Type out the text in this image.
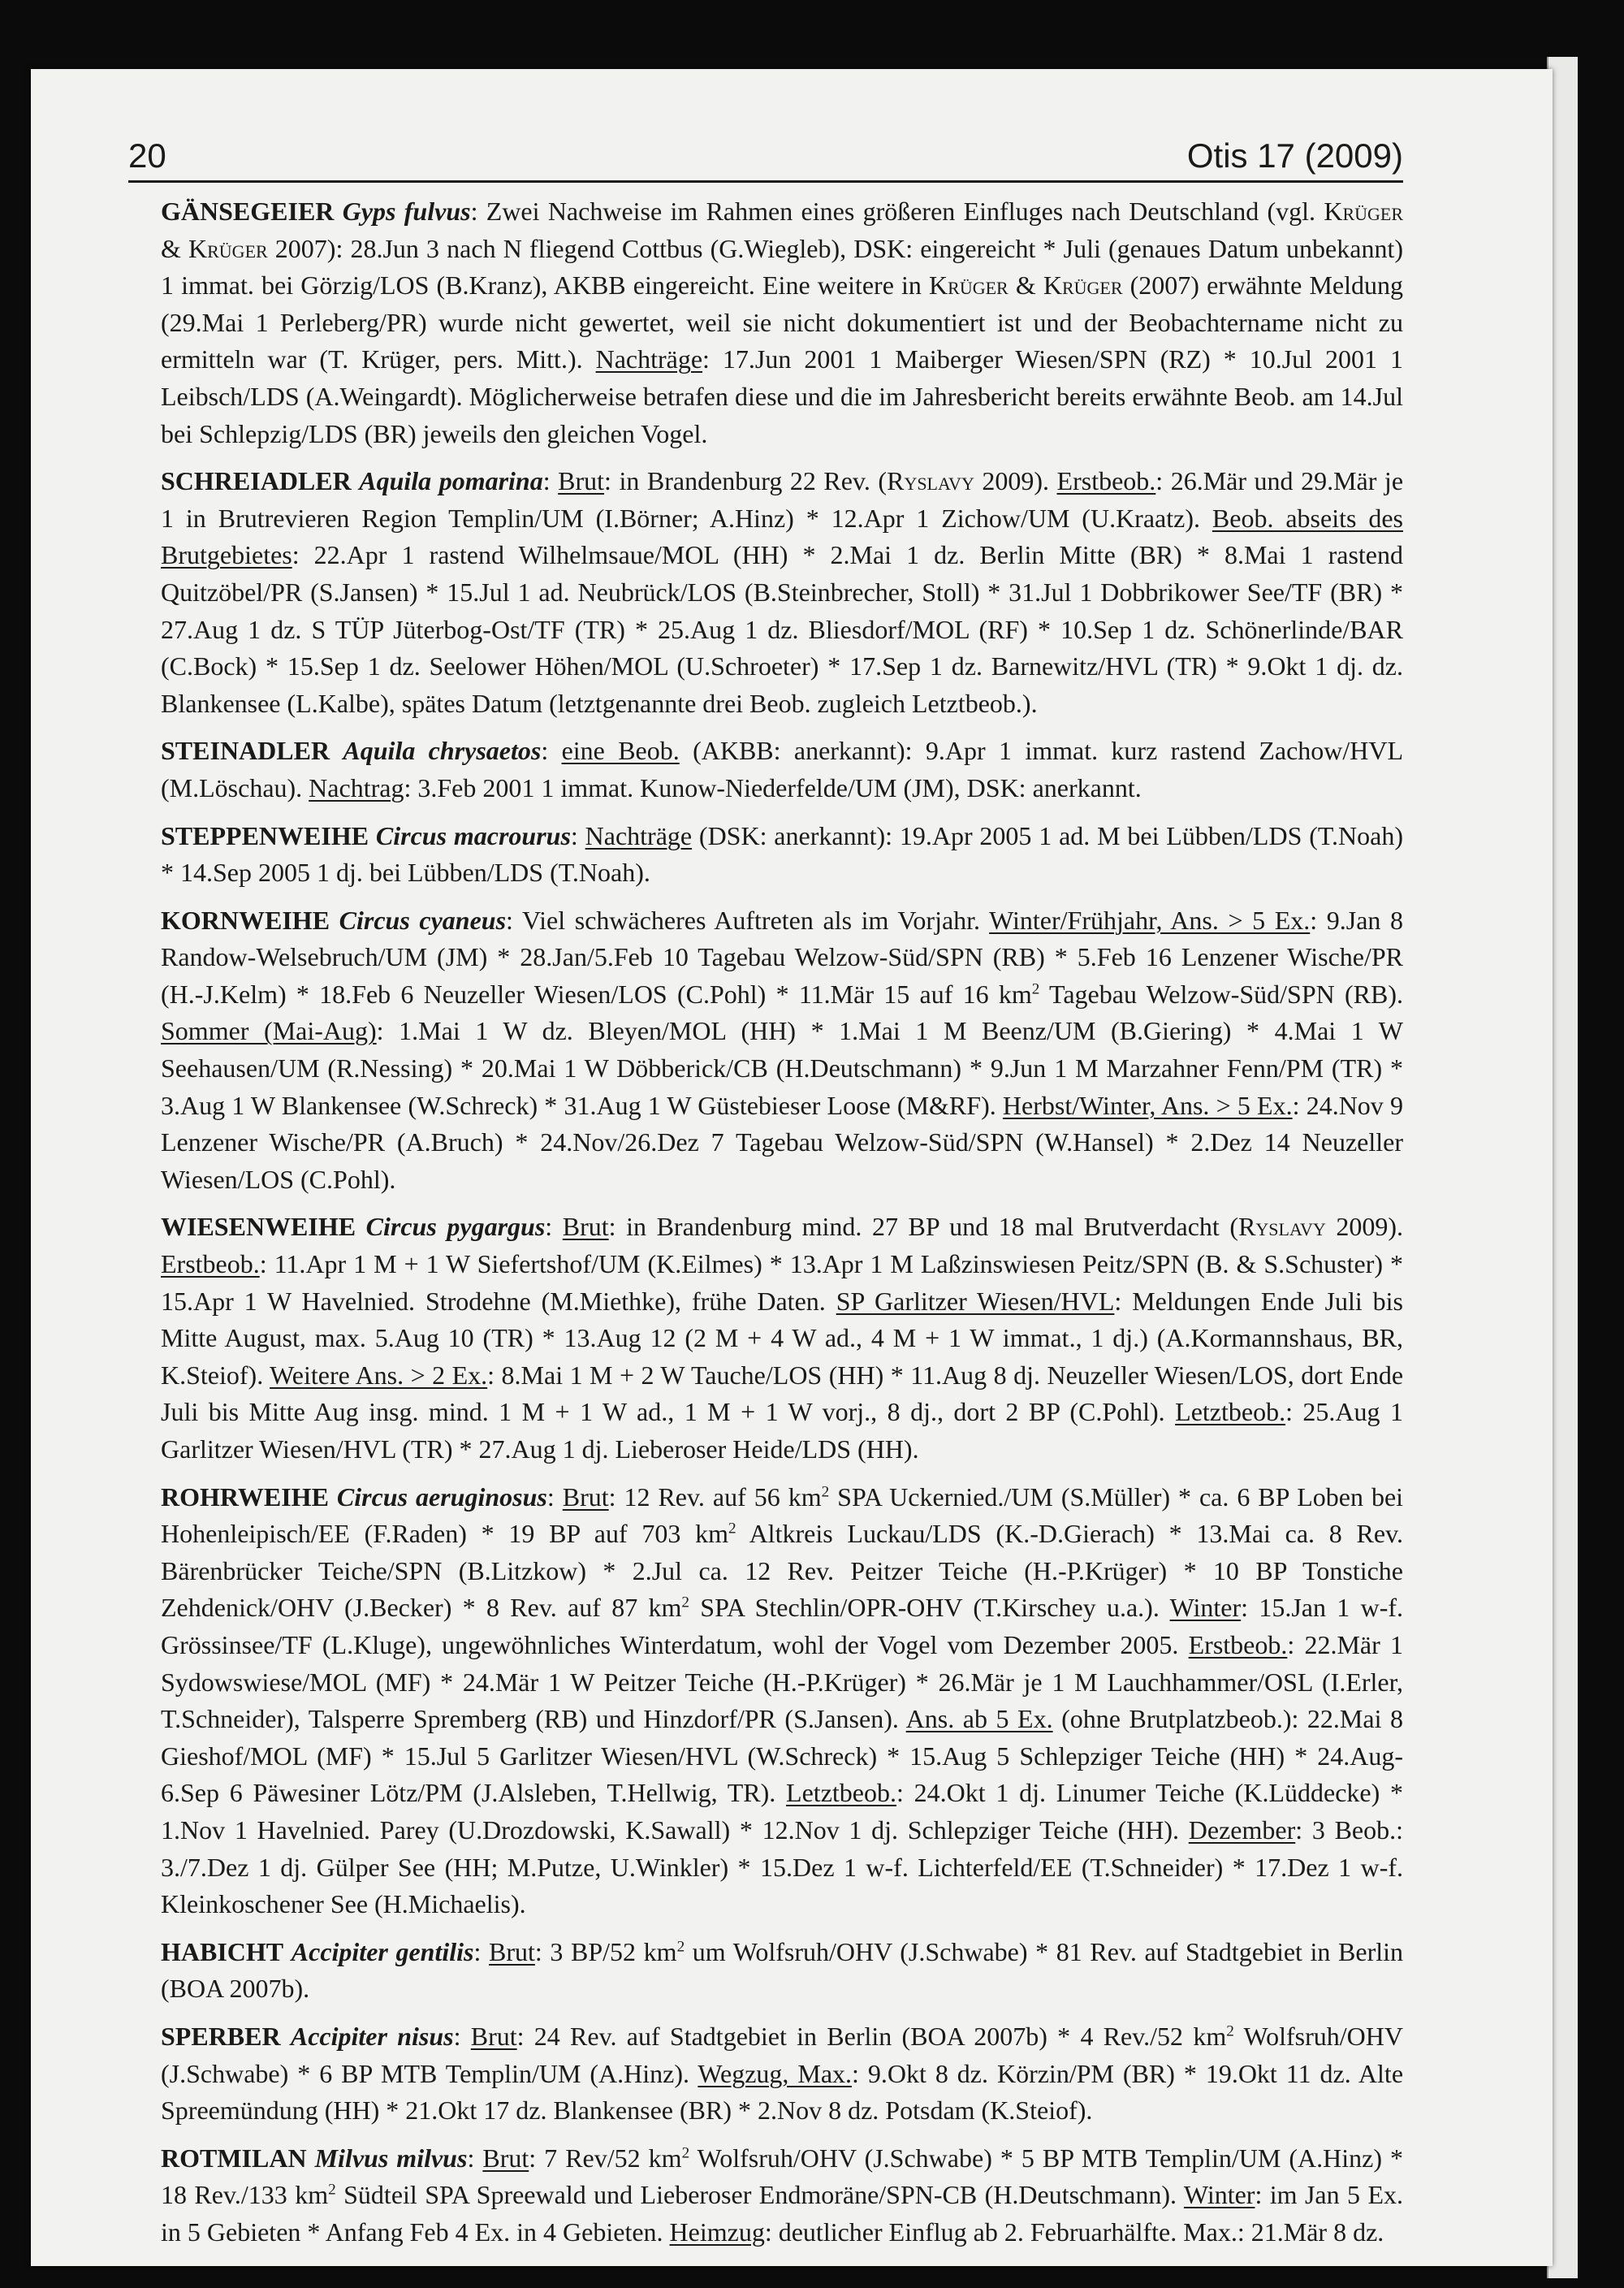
20	Otis 17 (2009)

GÄNSEGEIER Gyps fulvus: Zwei Nachweise im Rahmen eines größeren Einfluges nach Deutschland (vgl. Krüger & Krüger 2007): 28.Jun 3 nach N fliegend Cottbus (G.Wiegleb), DSK: eingereicht * Juli (genaues Datum unbekannt) 1 immat. bei Görzig/LOS (B.Kranz), AKBB eingereicht. Eine weitere in Krüger & Krüger (2007) erwähnte Meldung (29.Mai 1 Perleberg/PR) wurde nicht gewertet, weil sie nicht dokumentiert ist und der Beobachtername nicht zu ermitteln war (T. Krüger, pers. Mitt.). Nachträge: 17.Jun 2001 1 Maiberger Wiesen/SPN (RZ) * 10.Jul 2001 1 Leibsch/LDS (A.Weingardt). Möglicherweise betrafen diese und die im Jahresbericht bereits erwähnte Beob. am 14.Jul bei Schlepzig/LDS (BR) jeweils den gleichen Vogel.

SCHREIADLER Aquila pomarina: Brut: in Brandenburg 22 Rev. (Ryslavy 2009). Erstbeob.: 26.Mär und 29.Mär je 1 in Brutrevieren Region Templin/UM (I.Börner; A.Hinz) * 12.Apr 1 Zichow/UM (U.Kraatz). Beob. abseits des Brutgebietes: 22.Apr 1 rastend Wilhelmsaue/MOL (HH) * 2.Mai 1 dz. Berlin Mitte (BR) * 8.Mai 1 rastend Quitzöbel/PR (S.Jansen) * 15.Jul 1 ad. Neubrück/LOS (B.Steinbrecher, Stoll) * 31.Jul 1 Dobbrikower See/TF (BR) * 27.Aug 1 dz. S TÜP Jüterbog-Ost/TF (TR) * 25.Aug 1 dz. Bliesdorf/MOL (RF) * 10.Sep 1 dz. Schönerlinde/BAR (C.Bock) * 15.Sep 1 dz. Seelower Höhen/MOL (U.Schroeter) * 17.Sep 1 dz. Barnewitz/HVL (TR) * 9.Okt 1 dj. dz. Blankensee (L.Kalbe), spätes Datum (letztgenannte drei Beob. zugleich Letztbeob.).

STEINADLER Aquila chrysaetos: eine Beob. (AKBB: anerkannt): 9.Apr 1 immat. kurz rastend Zachow/HVL (M.Löschau). Nachtrag: 3.Feb 2001 1 immat. Kunow-Niederfelde/UM (JM), DSK: anerkannt.

STEPPENWEIHE Circus macrourus: Nachträge (DSK: anerkannt): 19.Apr 2005 1 ad. M bei Lübben/LDS (T.Noah) * 14.Sep 2005 1 dj. bei Lübben/LDS (T.Noah).

KORNWEIHE Circus cyaneus: Viel schwächeres Auftreten als im Vorjahr. Winter/Frühjahr, Ans. > 5 Ex.: 9.Jan 8 Randow-Welsebruch/UM (JM) * 28.Jan/5.Feb 10 Tagebau Welzow-Süd/SPN (RB) * 5.Feb 16 Lenzener Wische/PR (H.-J.Kelm) * 18.Feb 6 Neuzeller Wiesen/LOS (C.Pohl) * 11.Mär 15 auf 16 $km^2$ Tagebau Welzow-Süd/SPN (RB). Sommer (Mai-Aug): 1.Mai 1 W dz. Bleyen/MOL (HH) * 1.Mai 1 M Beenz/UM (B.Giering) * 4.Mai 1 W Seehausen/UM (R.Nessing) * 20.Mai 1 W Döbberick/CB (H.Deutschmann) * 9.Jun 1 M Marzahner Fenn/PM (TR) * 3.Aug 1 W Blankensee (W.Schreck) * 31.Aug 1 W Güstebieser Loose (M&RF). Herbst/Winter, Ans. > 5 Ex.: 24.Nov 9 Lenzener Wische/PR (A.Bruch) * 24.Nov/26.Dez 7 Tagebau Welzow-Süd/SPN (W.Hansel) * 2.Dez 14 Neuzeller Wiesen/LOS (C.Pohl).

WIESENWEIHE Circus pygargus: Brut: in Brandenburg mind. 27 BP und 18 mal Brutverdacht (Ryslavy 2009). Erstbeob.: 11.Apr 1 M + 1 W Siefertshof/UM (K.Eilmes) * 13.Apr 1 M Laßzinswiesen Peitz/SPN (B. & S.Schuster) * 15.Apr 1 W Havelnied. Strodehne (M.Miethke), frühe Daten. SP Garlitzer Wiesen/HVL: Meldungen Ende Juli bis Mitte August, max. 5.Aug 10 (TR) * 13.Aug 12 (2 M + 4 W ad., 4 M + 1 W immat., 1 dj.) (A.Kormannshaus, BR, K.Steiof). Weitere Ans. > 2 Ex.: 8.Mai 1 M + 2 W Tauche/LOS (HH) * 11.Aug 8 dj. Neuzeller Wiesen/LOS, dort Ende Juli bis Mitte Aug insg. mind. 1 M + 1 W ad., 1 M + 1 W vorj., 8 dj., dort 2 BP (C.Pohl). Letztbeob.: 25.Aug 1 Garlitzer Wiesen/HVL (TR) * 27.Aug 1 dj. Lieberoser Heide/LDS (HH).

ROHRWEIHE Circus aeruginosus: Brut: 12 Rev. auf 56 $km^2$ SPA Uckernied./UM (S.Müller) * ca. 6 BP Loben bei Hohenleipisch/EE (F.Raden) * 19 BP auf 703 $km^2$ Altkreis Luckau/LDS (K.-D.Gierach) * 13.Mai ca. 8 Rev. Bärenbrücker Teiche/SPN (B.Litzkow) * 2.Jul ca. 12 Rev. Peitzer Teiche (H.-P.Krüger) * 10 BP Tonstiche Zehdenick/OHV (J.Becker) * 8 Rev. auf 87 $km^2$ SPA Stechlin/OPR-OHV (T.Kirschey u.a.). Winter: 15.Jan 1 w-f. Grössinsee/TF (L.Kluge), ungewöhnliches Winterdatum, wohl der Vogel vom Dezember 2005. Erstbeob.: 22.Mär 1 Sydowswiese/MOL (MF) * 24.Mär 1 W Peitzer Teiche (H.-P.Krüger) * 26.Mär je 1 M Lauchhammer/OSL (I.Erler, T.Schneider), Talsperre Spremberg (RB) und Hinzdorf/PR (S.Jansen). Ans. ab 5 Ex. (ohne Brutplatzbeob.): 22.Mai 8 Gieshof/MOL (MF) * 15.Jul 5 Garlitzer Wiesen/HVL (W.Schreck) * 15.Aug 5 Schlepziger Teiche (HH) * 24.Aug-6.Sep 6 Päwesiner Lötz/PM (J.Alsleben, T.Hellwig, TR). Letztbeob.: 24.Okt 1 dj. Linumer Teiche (K.Lüddecke) * 1.Nov 1 Havelnied. Parey (U.Drozdowski, K.Sawall) * 12.Nov 1 dj. Schlepziger Teiche (HH). Dezember: 3 Beob.: 3./7.Dez 1 dj. Gülper See (HH; M.Putze, U.Winkler) * 15.Dez 1 w-f. Lichterfeld/EE (T.Schneider) * 17.Dez 1 w-f. Kleinkoschener See (H.Michaelis).

HABICHT Accipiter gentilis: Brut: 3 BP/52 $km^2$ um Wolfsruh/OHV (J.Schwabe) * 81 Rev. auf Stadtgebiet in Berlin (BOA 2007b).

SPERBER Accipiter nisus: Brut: 24 Rev. auf Stadtgebiet in Berlin (BOA 2007b) * 4 Rev./52 $km^2$ Wolfsruh/OHV (J.Schwabe) * 6 BP MTB Templin/UM (A.Hinz). Wegzug, Max.: 9.Okt 8 dz. Körzin/PM (BR) * 19.Okt 11 dz. Alte Spreemündung (HH) * 21.Okt 17 dz. Blankensee (BR) * 2.Nov 8 dz. Potsdam (K.Steiof).

ROTMILAN Milvus milvus: Brut: 7 Rev/52 $km^2$ Wolfsruh/OHV (J.Schwabe) * 5 BP MTB Templin/UM (A.Hinz) * 18 Rev./133 $km^2$ Südteil SPA Spreewald und Lieberoser Endmoräne/SPN-CB (H.Deutschmann). Winter: im Jan 5 Ex. in 5 Gebieten * Anfang Feb 4 Ex. in 4 Gebieten. Heimzug: deutlicher Einflug ab 2. Februarhälfte. Max.: 21.Mär 8 dz.
